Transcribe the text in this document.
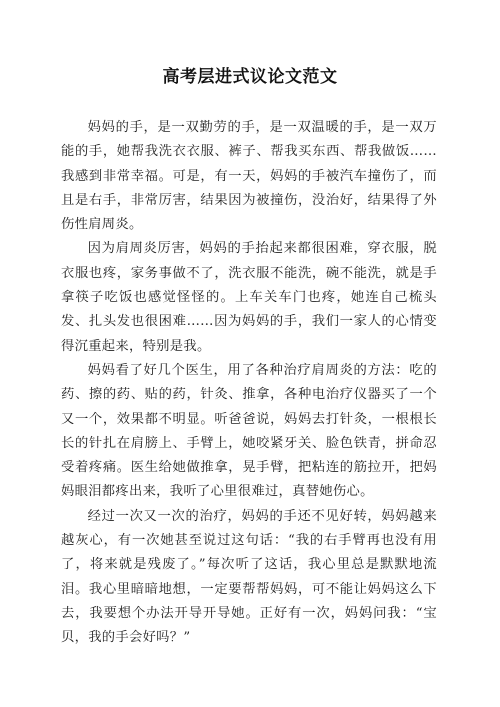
高考层进式议论文范文

妈妈的手，是一双勤劳的手，是一双温暖的手，是一双万能的手，她帮我洗衣衣服、裤子、帮我买东西、帮我做饭……我感到非常幸福。可是，有一天，妈妈的手被汽车撞伤了，而且是右手，非常厉害，结果因为被撞伤，没治好，结果得了外伤性肩周炎。

因为肩周炎厉害，妈妈的手抬起来都很困难，穿衣服，脱衣服也疼，家务事做不了，洗衣服不能洗，碗不能洗，就是手拿筷子吃饭也感觉怪怪的。上车关车门也疼，她连自己梳头发、扎头发也很困难……因为妈妈的手，我们一家人的心情变得沉重起来，特别是我。

妈妈看了好几个医生，用了各种治疗肩周炎的方法：吃的药、擦的药、贴的药，针灸、推拿，各种电治疗仪器买了一个又一个，效果都不明显。听爸爸说，妈妈去打针灸，一根根长长的针扎在肩膀上、手臂上，她咬紧牙关、脸色铁青，拼命忍受着疼痛。医生给她做推拿，晃手臂，把粘连的筋拉开，把妈妈眼泪都疼出来，我听了心里很难过，真替她伤心。

经过一次又一次的治疗，妈妈的手还不见好转，妈妈越来越灰心，有一次她甚至说过这句话：“我的右手臂再也没有用了，将来就是残废了。”每次听了这话，我心里总是默默地流泪。我心里暗暗地想，一定要帮帮妈妈，可不能让妈妈这么下去，我要想个办法开导开导她。正好有一次，妈妈问我：“宝贝，我的手会好吗？”
